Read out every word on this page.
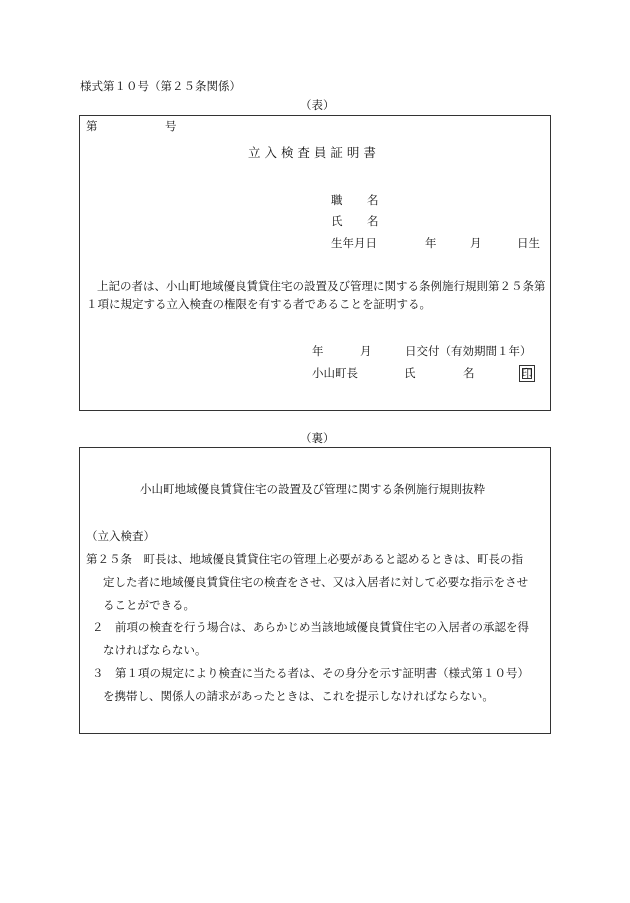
様式第１０号（第２５条関係）
（表）
第	号
立 入 検 査 員 証 明 書
職 名
氏 名
生年月日	年	月	日生
上記の者は、小山町地域優良賃貸住宅の設置及び管理に関する条例施行規則第２５条第
１項に規定する立入検査の権限を有する者であることを証明する。
年	月	日交付（有効期間１年）
小山町長	氏	名	印
（裏）
小山町地域優良賃貸住宅の設置及び管理に関する条例施行規則抜粋
（立入検査）
第２５条　町長は、地域優良賃貸住宅の管理上必要があると認めるときは、町長の指
定した者に地域優良賃貸住宅の検査をさせ、又は入居者に対して必要な指示をさせ
ることができる。
２　前項の検査を行う場合は、あらかじめ当該地域優良賃貸住宅の入居者の承認を得
なければならない。
３　第１項の規定により検査に当たる者は、その身分を示す証明書（様式第１０号）
を携帯し、関係人の請求があったときは、これを提示しなければならない。
